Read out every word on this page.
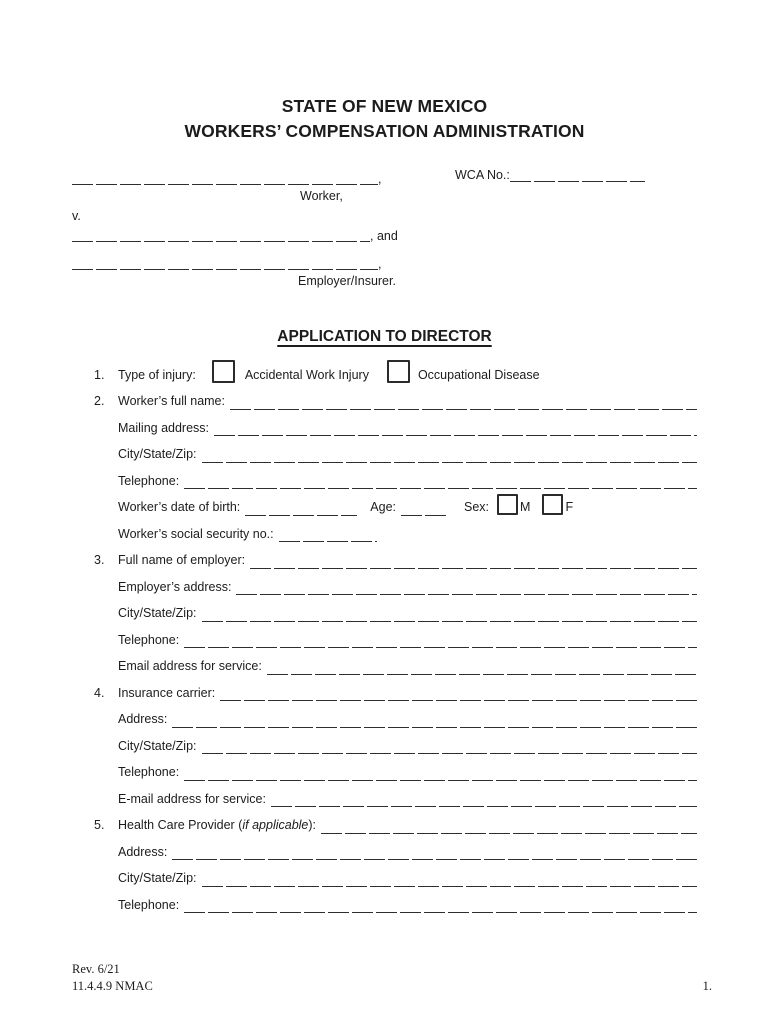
STATE OF NEW MEXICO
WORKERS’ COMPENSATION ADMINISTRATION
,
Worker,
v.
, and
,
Employer/Insurer.
WCA No.:
APPLICATION TO DIRECTOR
1.	Type of injury:	Accidental Work Injury	Occupational Disease
2.	Worker’s full name:
Mailing address:
City/State/Zip:
Telephone:
Worker’s date of birth:	Age:	Sex: M	F
Worker’s social security no.:
3.	Full name of employer:
Employer’s address:
City/State/Zip:
Telephone:
Email address for service:
4.	Insurance carrier:
Address:
City/State/Zip:
Telephone:
E-mail address for service:
5.	Health Care Provider (if applicable):
Address:
City/State/Zip:
Telephone:
Rev. 6/21
11.4.4.9 NMAC	1.
